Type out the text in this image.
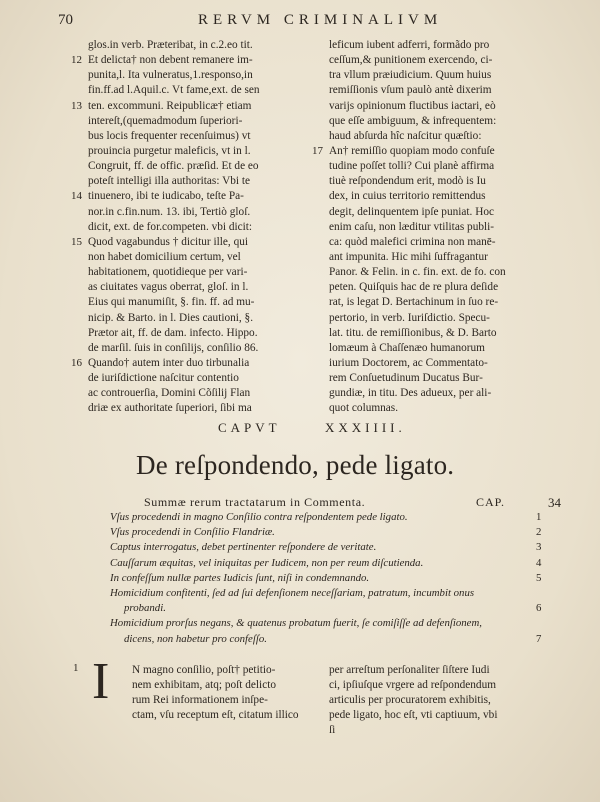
70	RERVM CRIMINALIVM
glos.in verb. Præteribat, in c.2.eo tit.
12 Et delicta† non debent remanere im-
punita,l. Ita vulneratus,1.responso,in
fin.ff.ad l.Aquil.c. Vt fame,ext. de sen
13 ten. excommuni. Reipublicæ† etiam
intereſt,(quemadmodum ſuperiori-
bus locis frequenter recenſuimus) vt
prouincia purgetur maleficis, vt in l.
Congruit, ff. de offic. præſid. Et de eo
poteſt intelligi illa authoritas: Vbi te
14 tinuenero, ibi te iudicabo, teſte Pa-
nor.in c.fin.num. 13. ibi, Tertiò gloſ.
dicit, ext. de for.competen. vbi dicit:
15 Quod vagabundus † dicitur ille, qui
non habet domicilium certum, vel
habitationem, quotidieque per vari-
as ciuitates vagus oberrat, gloſ. in l.
Eius qui manumiſit, §. fin. ff. ad mu-
nicip. & Barto. in l. Dies cautioni, §.
Prætor ait, ff. de dam. infecto. Hippo.
de marſil. ſuis in conſilijs, conſilio 86.
16 Quando† autem inter duo tirbunalia
de iuriſdictione naſcitur contentio
ac controuerſia, Domini Cõſilij Flan
driæ ex authoritate ſuperiori, ſibi ma
leficum iubent adferri, formãdo pro
ceſſum,& punitionem exercendo, ci-
tra vllum præiudicium. Quum huius
remiſſionis vſum paulò antè dixerim
varijs opinionum fluctibus iactari, eò
que eſſe ambiguum, & infrequentem:
haud abſurda hîc naſcitur quæſtio:
17 An† remiſſio quopiam modo confuſe
tudine poſſet tolli? Cui planè affirma
tiuè reſpondendum erit, modò is Iu
dex, in cuius territorio remittendus
degit, delinquentem ipſe puniat. Hoc
enim caſu, non læditur vtilitas publi-
ca: quòd malefici crimina non manē-
ant impunita. Hic mihi ſuffragantur
Panor. & Felin. in c. fin. ext. de fo. con
peten. Quiſquis hac de re plura deſide
rat, is legat D. Bertachinum in ſuo re-
pertorio, in verb. Iuriſdictio. Specu-
lat. titu. de remiſſionibus, & D. Barto
lomæum à Chaſſenæo humanorum
iurium Doctorem, ac Commentato-
rem Conſuetudinum Ducatus Bur-
gundiæ, in titu. Des adueux, per ali-
quot columnas.
CAPVT	XXXIIII.
De reſpondendo, pede ligato.
Summæ rerum tractatarum in Commenta.	CAP.	34
Vſus procedendi in magno Conſilio contra reſpondentem pede ligato.	1
Vſus procedendi in Conſilio Flandriæ.	2
Captus interrogatus, debet pertinenter reſpondere de veritate.	3
Cauſſarum æquitas, vel iniquitas per Iudicem, non per reum diſcutienda.	4
In confeſſum nullæ partes Iudicis ſunt, niſi in condemnando.	5
Homicidium confitenti, ſed ad ſui defenſionem neceſſariam, patratum, incumbit onus
probandi.	6
Homicidium prorſus negans, & quatenus probatum fuerit, ſe comiſiſſe ad defenſionem,
dicens, non habetur pro confeſſo.	7
1 I	N magno conſilio, poſt† petitio-
nem exhibitam, atq; poſt delicto
rum Rei informationem inſpe-
ctam, vſu receptum eſt, citatum illico
per arreſtum perſonaliter ſiſtere Iudi
ci, ipſiuſque vrgere ad reſpondendum
articulis per procuratorem exhibitis,
pede ligato, hoc eſt, vti captiuum, vbi
ſi
